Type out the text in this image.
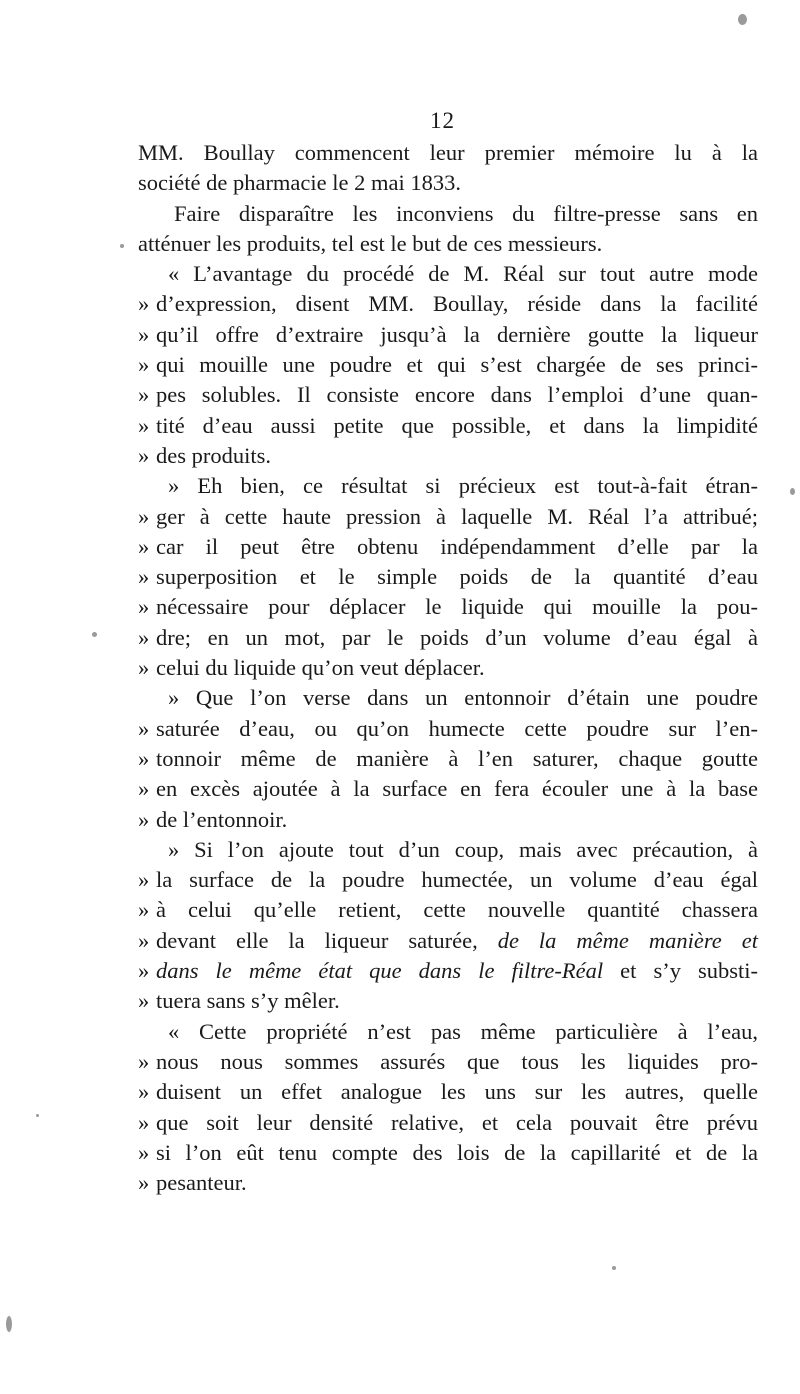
12
MM. Boullay commencent leur premier mémoire lu à la
société de pharmacie le 2 mai 1833.
Faire disparaître les inconviens du filtre-presse sans en
atténuer les produits, tel est le but de ces messieurs.
« L’avantage du procédé de M. Réal sur tout autre mode
» d’expression, disent MM. Boullay, réside dans la facilité
» qu’il offre d’extraire jusqu’à la dernière goutte la liqueur
» qui mouille une poudre et qui s’est chargée de ses princi-
» pes solubles. Il consiste encore dans l’emploi d’une quan-
» tité d’eau aussi petite que possible, et dans la limpidité
» des produits.
» Eh bien, ce résultat si précieux est tout-à-fait étran-
» ger à cette haute pression à laquelle M. Réal l’a attribué;
» car il peut être obtenu indépendamment d’elle par la
» superposition et le simple poids de la quantité d’eau
» nécessaire pour déplacer le liquide qui mouille la pou-
» dre; en un mot, par le poids d’un volume d’eau égal à
» celui du liquide qu’on veut déplacer.
» Que l’on verse dans un entonnoir d’étain une poudre
» saturée d’eau, ou qu’on humecte cette poudre sur l’en-
» tonnoir même de manière à l’en saturer, chaque goutte
» en excès ajoutée à la surface en fera écouler une à la base
» de l’entonnoir.
» Si l’on ajoute tout d’un coup, mais avec précaution, à
» la surface de la poudre humectée, un volume d’eau égal
» à celui qu’elle retient, cette nouvelle quantité chassera
» devant elle la liqueur saturée, de la même manière et
» dans le même état que dans le filtre-Réal et s’y substi-
» tuera sans s’y mêler.
« Cette propriété n’est pas même particulière à l’eau,
» nous nous sommes assurés que tous les liquides pro-
» duisent un effet analogue les uns sur les autres, quelle
» que soit leur densité relative, et cela pouvait être prévu
» si l’on eût tenu compte des lois de la capillarité et de la
» pesanteur.
